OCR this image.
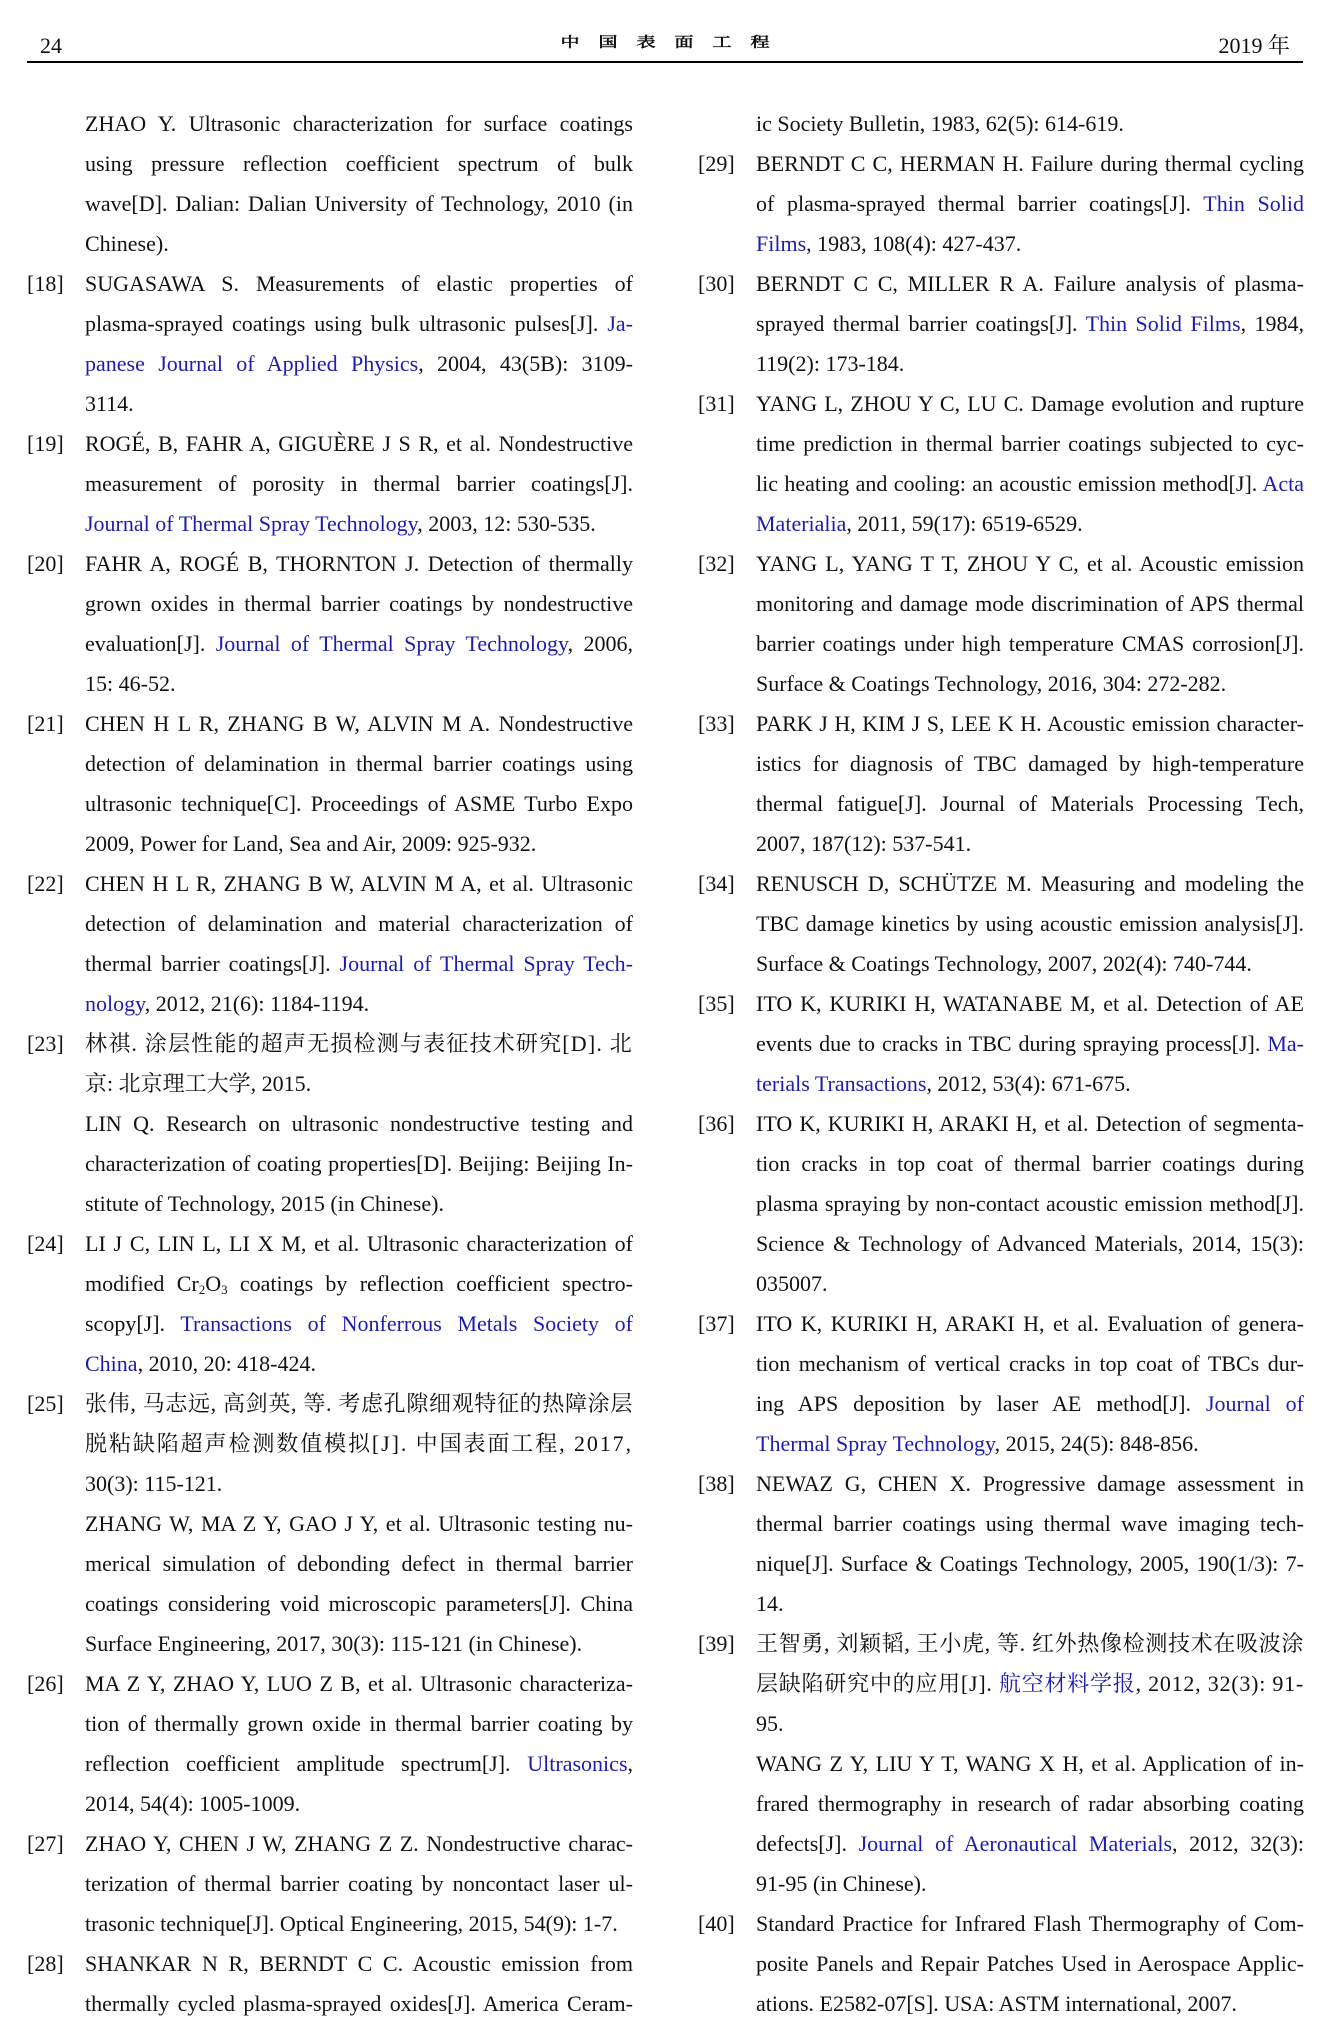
24	中国表面工程	2019 年
ZHAO Y. Ultrasonic characterization for surface coatings
using pressure reflection coefficient spectrum of bulk
wave[D]. Dalian: Dalian University of Technology, 2010 (in
Chinese).
[18] SUGASAWA S. Measurements of elastic properties of
plasma-sprayed coatings using bulk ultrasonic pulses[J]. Ja-
panese Journal of Applied Physics, 2004, 43(5B): 3109-
3114.
[19] ROGÉ, B, FAHR A, GIGUÈRE J S R, et al. Nondestructive
measurement of porosity in thermal barrier coatings[J].
Journal of Thermal Spray Technology, 2003, 12: 530-535.
[20] FAHR A, ROGÉ B, THORNTON J. Detection of thermally
grown oxides in thermal barrier coatings by nondestructive
evaluation[J]. Journal of Thermal Spray Technology, 2006,
15: 46-52.
[21] CHEN H L R, ZHANG B W, ALVIN M A. Nondestructive
detection of delamination in thermal barrier coatings using
ultrasonic technique[C]. Proceedings of ASME Turbo Expo
2009, Power for Land, Sea and Air, 2009: 925-932.
[22] CHEN H L R, ZHANG B W, ALVIN M A, et al. Ultrasonic
detection of delamination and material characterization of
thermal barrier coatings[J]. Journal of Thermal Spray Tech-
nology, 2012, 21(6): 1184-1194.
[23] 林祺. 涂层性能的超声无损检测与表征技术研究[D]. 北
京: 北京理工大学, 2015.
LIN Q. Research on ultrasonic nondestructive testing and
characterization of coating properties[D]. Beijing: Beijing In-
stitute of Technology, 2015 (in Chinese).
[24] LI J C, LIN L, LI X M, et al. Ultrasonic characterization of
modified $Cr_2O_3$ coatings by reflection coefficient spectro-
scopy[J]. Transactions of Nonferrous Metals Society of
China, 2010, 20: 418-424.
[25] 张伟, 马志远, 高剑英, 等. 考虑孔隙细观特征的热障涂层
脱粘缺陷超声检测数值模拟[J]. 中国表面工程, 2017,
30(3): 115-121.
ZHANG W, MA Z Y, GAO J Y, et al. Ultrasonic testing nu-
merical simulation of debonding defect in thermal barrier
coatings considering void microscopic parameters[J]. China
Surface Engineering, 2017, 30(3): 115-121 (in Chinese).
[26] MA Z Y, ZHAO Y, LUO Z B, et al. Ultrasonic characteriza-
tion of thermally grown oxide in thermal barrier coating by
reflection coefficient amplitude spectrum[J]. Ultrasonics,
2014, 54(4): 1005-1009.
[27] ZHAO Y, CHEN J W, ZHANG Z Z. Nondestructive charac-
terization of thermal barrier coating by noncontact laser ul-
trasonic technique[J]. Optical Engineering, 2015, 54(9): 1-7.
[28] SHANKAR N R, BERNDT C C. Acoustic emission from
thermally cycled plasma-sprayed oxides[J]. America Ceram-
ic Society Bulletin, 1983, 62(5): 614-619.
[29] BERNDT C C, HERMAN H. Failure during thermal cycling
of plasma-sprayed thermal barrier coatings[J]. Thin Solid
Films, 1983, 108(4): 427-437.
[30] BERNDT C C, MILLER R A. Failure analysis of plasma-
sprayed thermal barrier coatings[J]. Thin Solid Films, 1984,
119(2): 173-184.
[31] YANG L, ZHOU Y C, LU C. Damage evolution and rupture
time prediction in thermal barrier coatings subjected to cyc-
lic heating and cooling: an acoustic emission method[J]. Acta
Materialia, 2011, 59(17): 6519-6529.
[32] YANG L, YANG T T, ZHOU Y C, et al. Acoustic emission
monitoring and damage mode discrimination of APS thermal
barrier coatings under high temperature CMAS corrosion[J].
Surface & Coatings Technology, 2016, 304: 272-282.
[33] PARK J H, KIM J S, LEE K H. Acoustic emission character-
istics for diagnosis of TBC damaged by high-temperature
thermal fatigue[J]. Journal of Materials Processing Tech,
2007, 187(12): 537-541.
[34] RENUSCH D, SCHÜTZE M. Measuring and modeling the
TBC damage kinetics by using acoustic emission analysis[J].
Surface & Coatings Technology, 2007, 202(4): 740-744.
[35] ITO K, KURIKI H, WATANABE M, et al. Detection of AE
events due to cracks in TBC during spraying process[J]. Ma-
terials Transactions, 2012, 53(4): 671-675.
[36] ITO K, KURIKI H, ARAKI H, et al. Detection of segmenta-
tion cracks in top coat of thermal barrier coatings during
plasma spraying by non-contact acoustic emission method[J].
Science & Technology of Advanced Materials, 2014, 15(3):
035007.
[37] ITO K, KURIKI H, ARAKI H, et al. Evaluation of genera-
tion mechanism of vertical cracks in top coat of TBCs dur-
ing APS deposition by laser AE method[J]. Journal of
Thermal Spray Technology, 2015, 24(5): 848-856.
[38] NEWAZ G, CHEN X. Progressive damage assessment in
thermal barrier coatings using thermal wave imaging tech-
nique[J]. Surface & Coatings Technology, 2005, 190(1/3): 7-
14.
[39] 王智勇, 刘颖韬, 王小虎, 等. 红外热像检测技术在吸波涂
层缺陷研究中的应用[J]. 航空材料学报, 2012, 32(3): 91-
95.
WANG Z Y, LIU Y T, WANG X H, et al. Application of in-
frared thermography in research of radar absorbing coating
defects[J]. Journal of Aeronautical Materials, 2012, 32(3):
91-95 (in Chinese).
[40] Standard Practice for Infrared Flash Thermography of Com-
posite Panels and Repair Patches Used in Aerospace Applic-
ations. E2582-07[S]. USA: ASTM international, 2007.
